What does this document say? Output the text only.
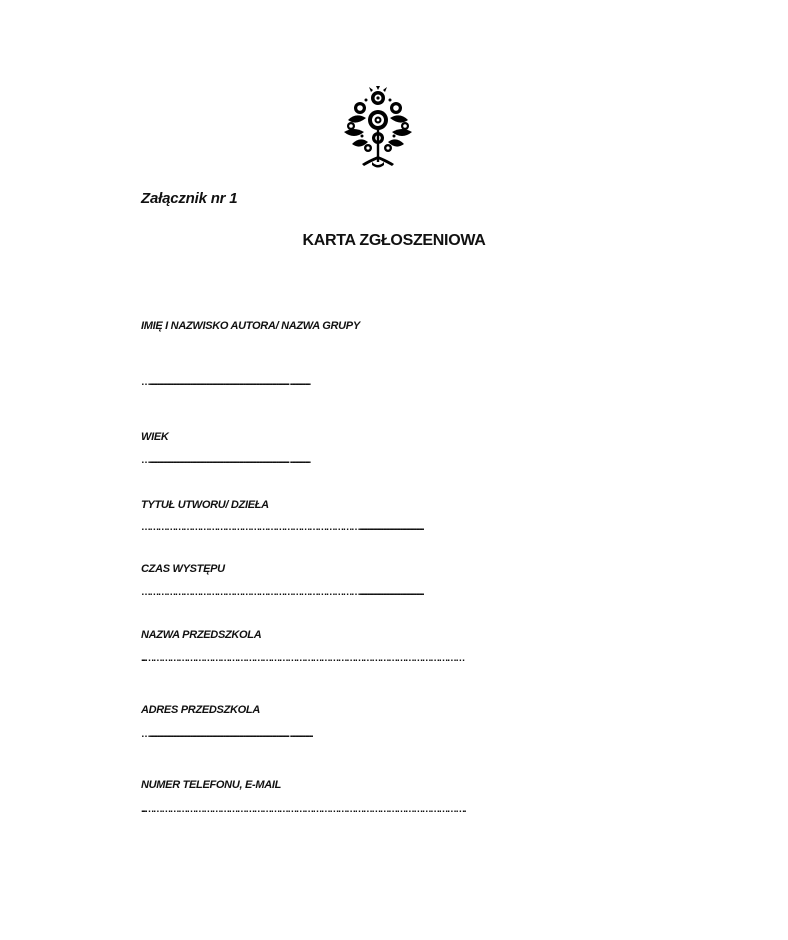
Załącznik nr 1
KARTA ZGŁOSZENIOWA
IMIĘ I NAZWISKO AUTORA/ NAZWA GRUPY
…...................................................................................................................... .................
WIEK
…...................................................................................................................... .................
TYTUŁ UTWORU/ DZIEŁA
……………………………………………………………………......................................................
CZAS WYSTĘPU
……………………………………………………………………......................................................
NAZWA PRZEDSZKOLA
...……………………………………………………………………………………………………
ADRES PRZEDSZKOLA
…...................................................................................................................... ...................
NUMER TELEFONU, E-MAIL
...…………………………………………………………………………………………………….
